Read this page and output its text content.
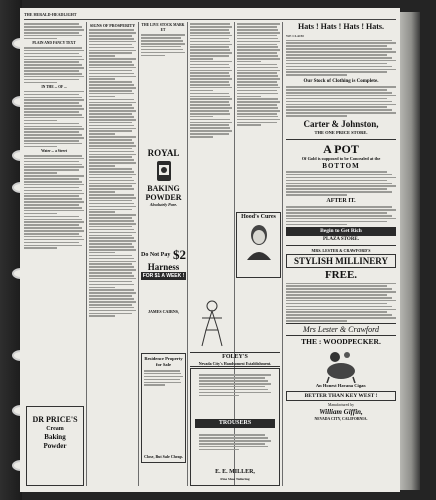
THE HERALD-HEADLIGHT
PLAIN AND FANCY TEXT
IN THE ... OF ...
Water ... a Street
DR PRICE'S
Cream
Baking
Powder
SIGNS OF PROSPERITY THE LIVE STOCK MARKET
ROYAL
BAKING
POWDER
Absolutely Pure.
Do Not Pay $2
Harness
FOR $1 A WEEK !
JAMES CAIRNS,
Residence Property for Sale
Close, But Sale Cheap.
Hood's Cures
FOLEY'S
Nevada City's Handsomest Establishment.
TROUSERS
E. E. MILLER,
Fine Shoe Tailoring
Hats ! Hats ! Hats ! Hats.
WE CLAIM
Our Stock of Clothing is Complete.
Carter & Johnston,
THE ONE PRICE STORE.
A POT
Of Gold is supposed to be Concealed at the
BOTTOM
AFTER IT.
Begin to Get Rich
PLAZA STORE.
MRS. LESTER & CRAWFORD'S
STYLISH MILLINERY
FREE.
Mrs Lester & Crawford
THE : WOODPECKER.
An Honest Havana Cigar.
BETTER THAN KEY WEST !
Manufactured by
William Giffin,
NEVADA CITY, CALIFORNIA.
